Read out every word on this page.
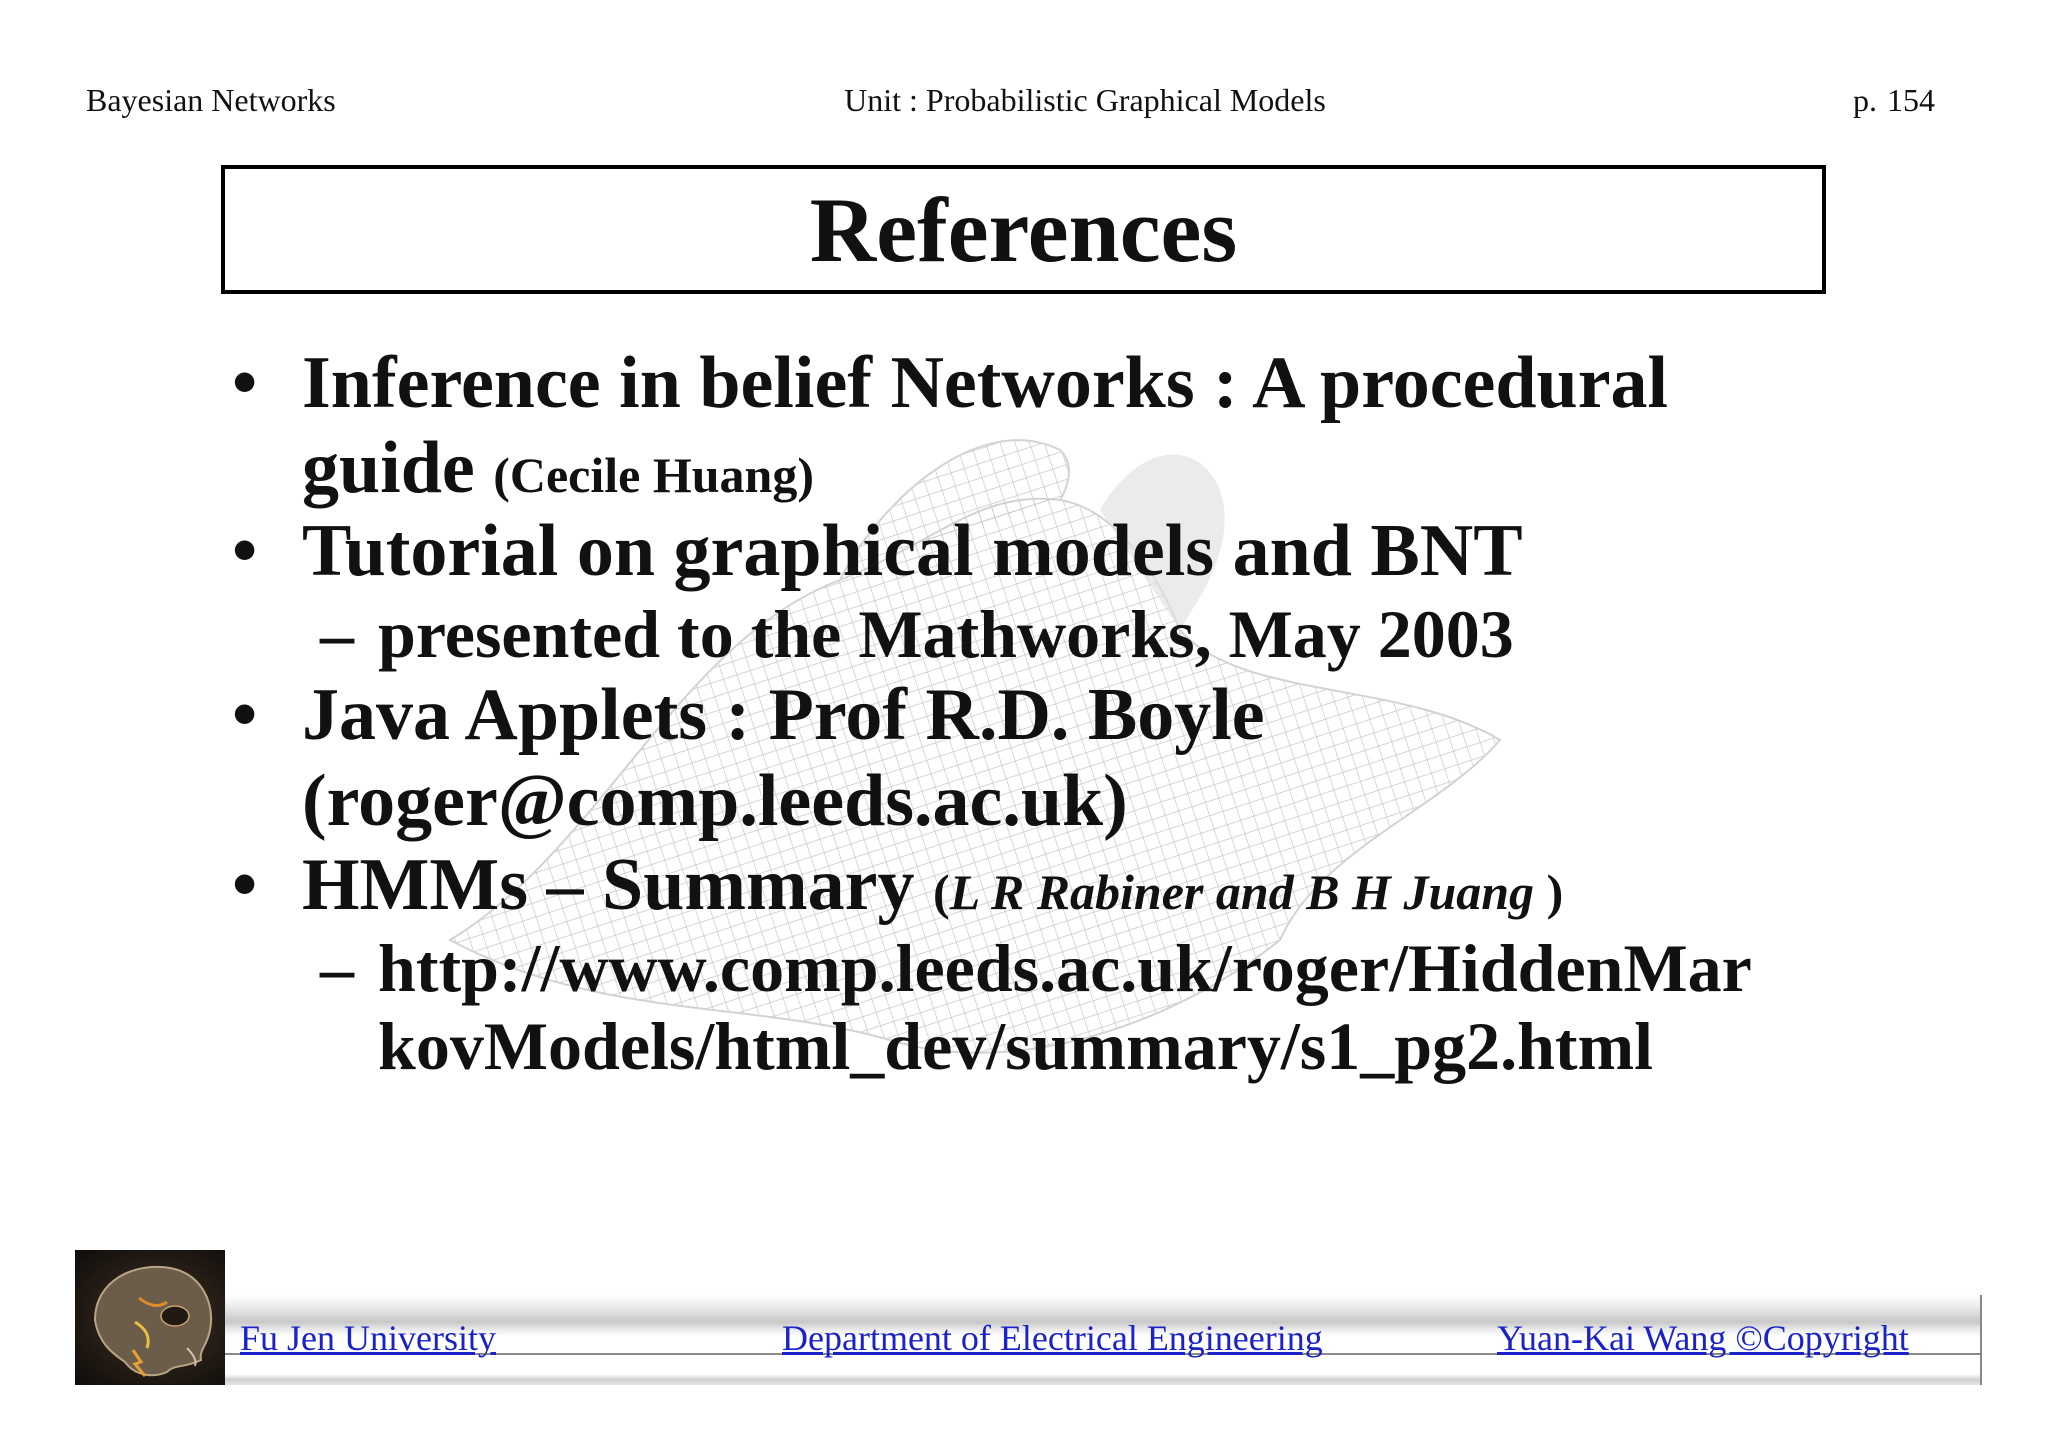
Bayesian Networks	Unit : Probabilistic Graphical Models	p. 154
References
• Inference in belief Networks : A procedural
guide (Cecile Huang)
• Tutorial on graphical models and BNT
– presented to the Mathworks, May 2003
• Java Applets : Prof R.D. Boyle
(roger@comp.leeds.ac.uk)
• HMMs – Summary (L R Rabiner and B H Juang )
– http://www.comp.leeds.ac.uk/roger/HiddenMar
kovModels/html_dev/summary/s1_pg2.html
Fu Jen University	Department of Electrical Engineering	Yuan-Kai Wang ©Copyright
